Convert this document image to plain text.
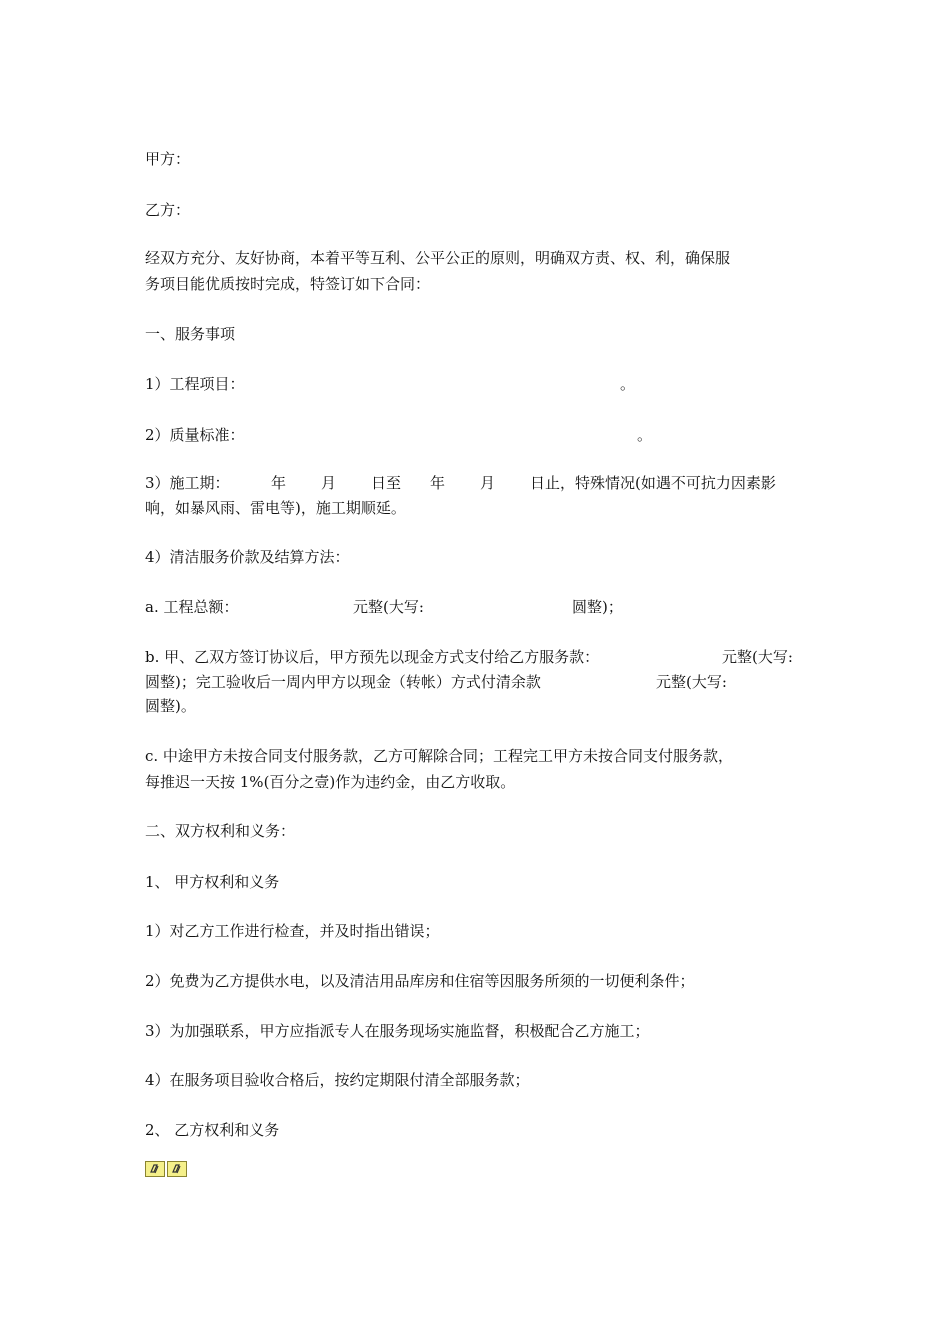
甲方：
乙方：
经双方充分、友好协商，本着平等互利、公平公正的原则，明确双方责、权、利，确保服
务项目能优质按时完成，特签订如下合同：
一、服务事项
1）工程项目：	。
2）质量标准：	。
3）施工期：	年 月 日至 年 月 日止，特殊情况(如遇不可抗力因素影
响，如暴风雨、雷电等)，施工期顺延。
4）清洁服务价款及结算方法：
a. 工程总额：	元整(大写:	圆整)；
b. 甲、乙双方签订协议后，甲方预先以现金方式支付给乙方服务款：	元整(大写:
圆整)；完工验收后一周内甲方以现金（转帐）方式付清余款	元整(大写:
圆整)。
c. 中途甲方未按合同支付服务款，乙方可解除合同；工程完工甲方未按合同支付服务款，
每推迟一天按 1%(百分之壹)作为违约金，由乙方收取。
二、双方权利和义务：
1、 甲方权利和义务
1）对乙方工作进行检查，并及时指出错误；
2）免费为乙方提供水电，以及清洁用品库房和住宿等因服务所须的一切便利条件；
3）为加强联系，甲方应指派专人在服务现场实施监督，积极配合乙方施工；
4）在服务项目验收合格后，按约定期限付清全部服务款；
2、 乙方权利和义务
